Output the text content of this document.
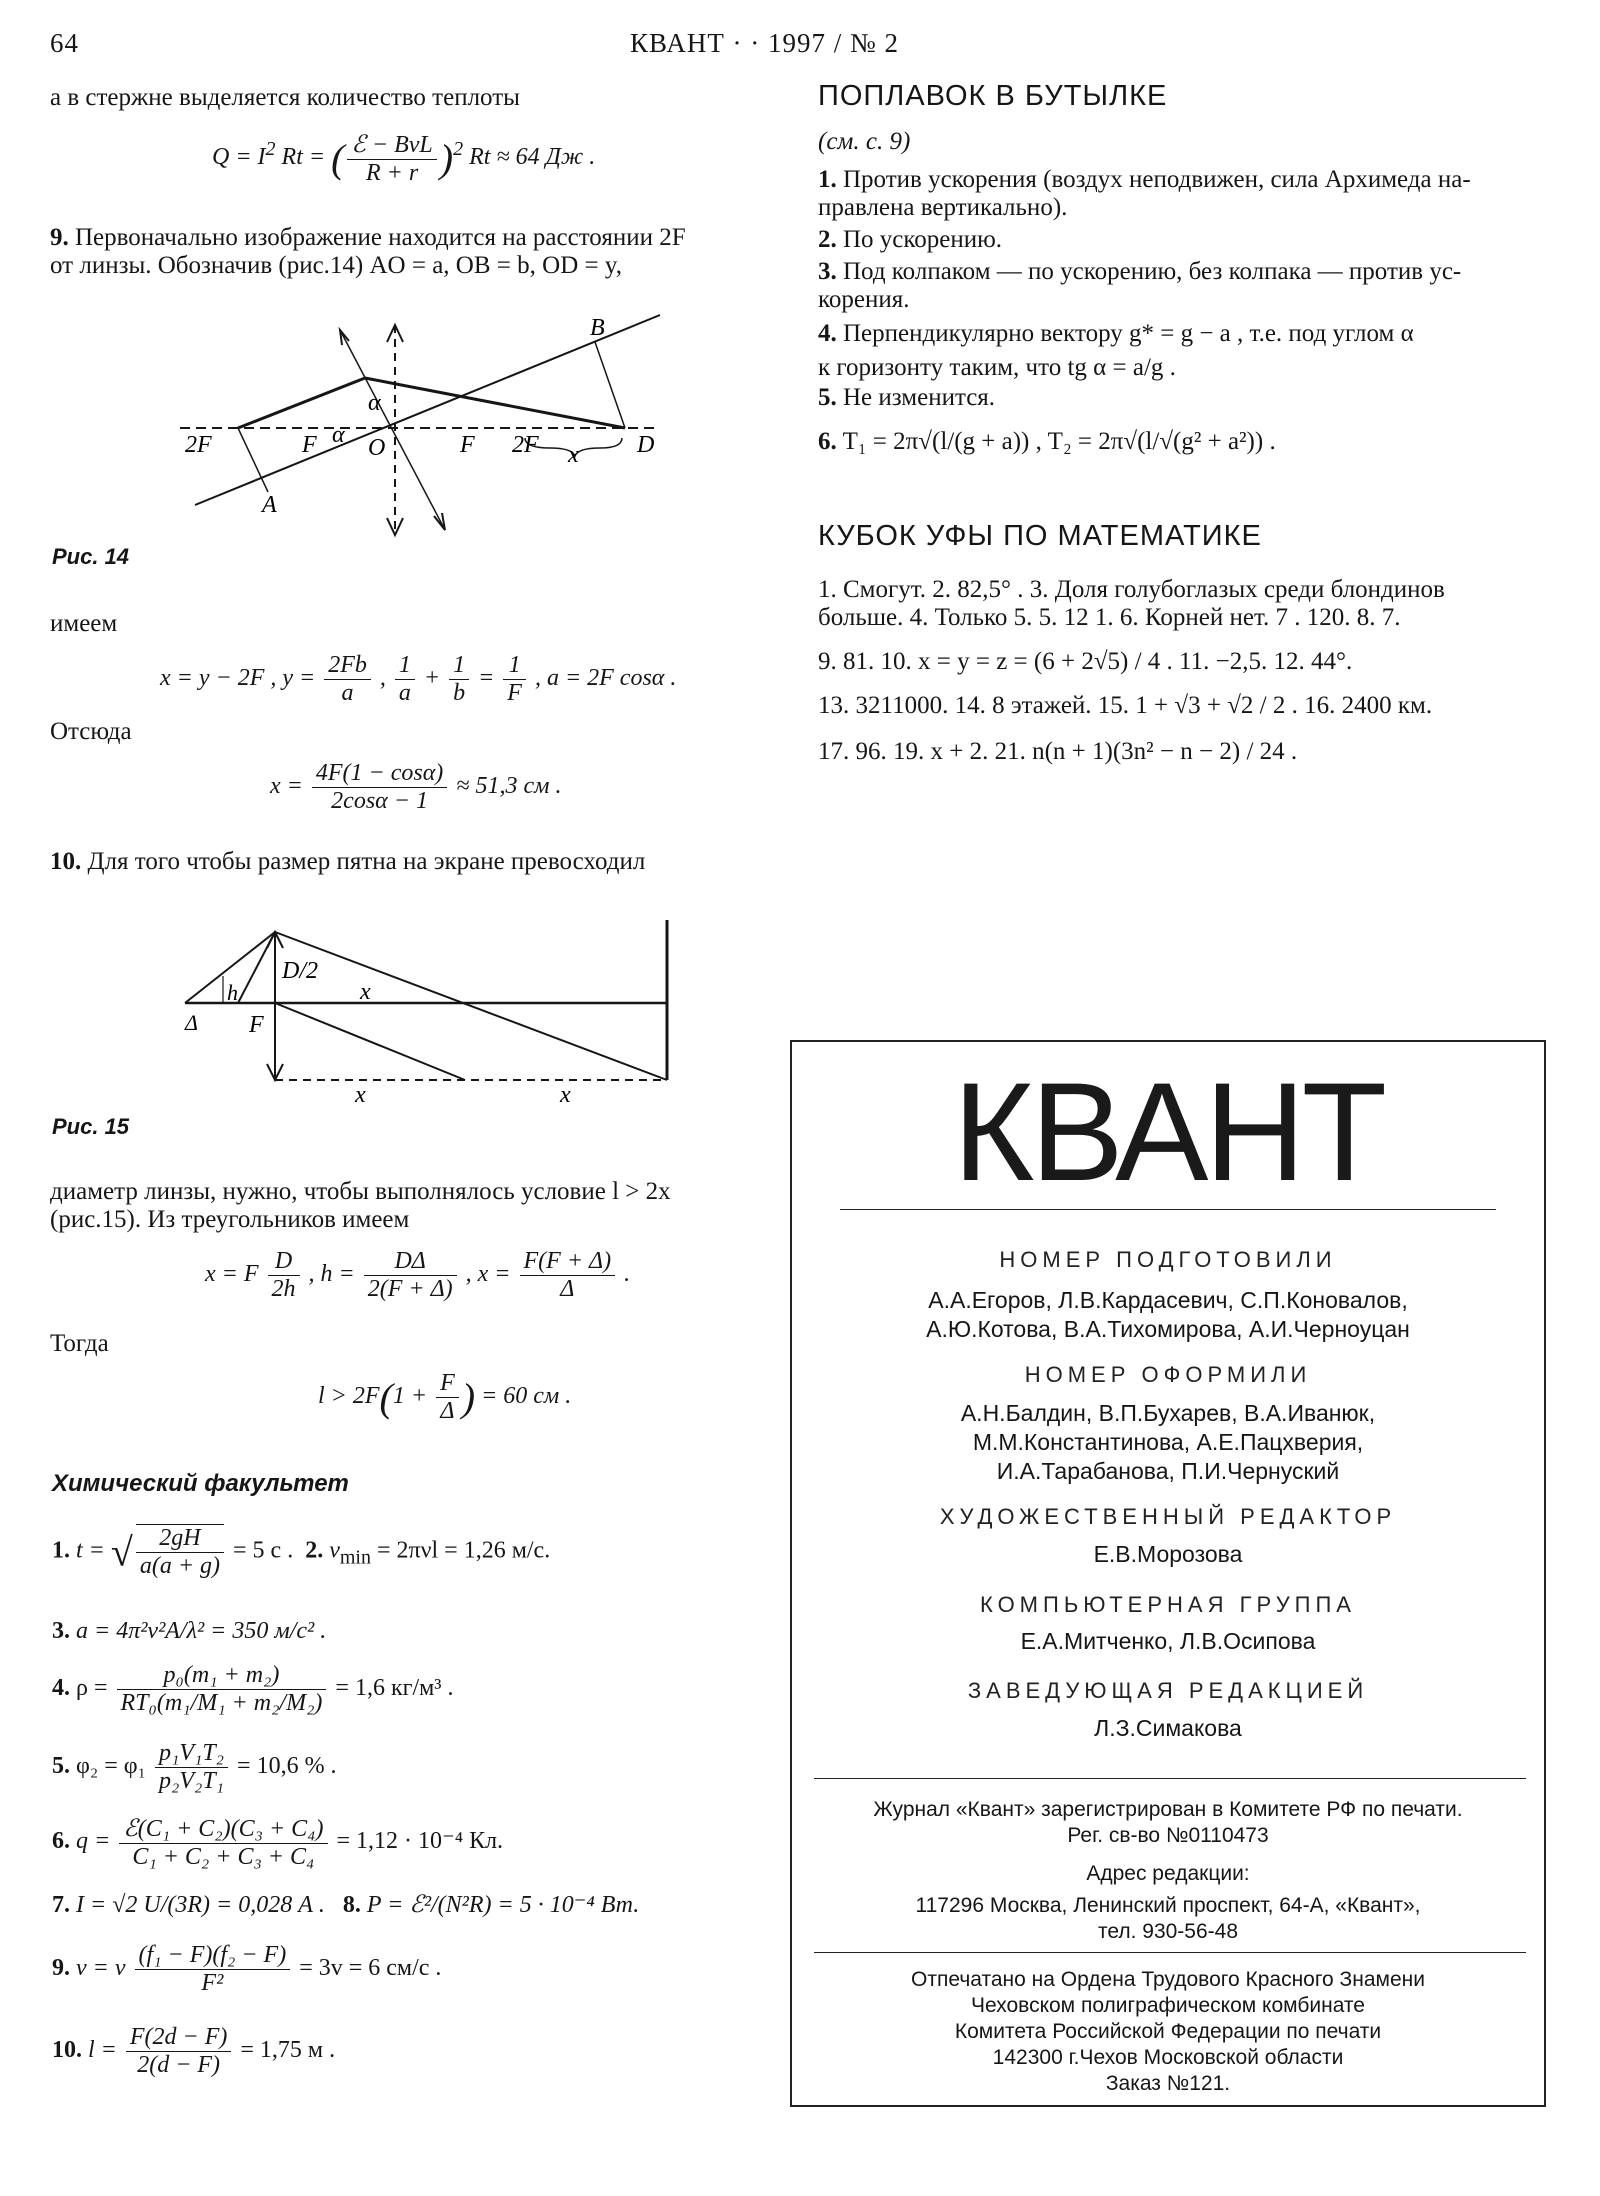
64	КВАНТ · · 1997 / № 2
а в стержне выделяется количество теплоты
$Q = I^2$ Rt = ( $\frac{\text{ℰ − BvL}}{R + r} )^2$ Rt ≈ 64 Дж .
9. Первоначально изображение находится на расстоянии 2F
от линзы. Обозначив (рис.14) AO = a, OB = b, OD = y,
B
A
α
α O
F	F
2F	2F x D
Рис. 14
имеем
x = y − 2F , $y = \frac{2Fb}{a}$ , $\frac{1}{a} + \frac{1}{b} = \frac{1}{F}$ , a = 2F cosα .
Отсюда
$x = \frac{4F(1 - \cos\alpha)}{2\cos\alpha - 1} \approx 51,3$ см .
10. Для того чтобы размер пятна на экране превосходил
D/2
x
h
Δ F
x	x
Рис. 15
диаметр линзы, нужно, чтобы выполнялось условие l > 2x
(рис.15). Из треугольников имеем
x = F $\frac{D}{2h}$ , $h = \frac{D\Delta}{2(F + \Delta)}$ , $x = \frac{F(F + \Delta)}{\Delta}$ .
Тогда
$l > 2F(1 + \frac{F}{\Delta}$ ) = 60 см .
Химический факультет
1. t = √ $\frac{2gH}{a(a + g)} = 5$ с . 2. $v_{min} = 2\pi\nu l = 1,26$ м/с.
3. a = 4π²ν²A/λ² = 350 м/с² .
4. $\rho = \frac{\text{p₀(m₁ + m₂)}}{\text{RT₀(m₁/M₁ + m₂/M₂)}} = 1,6$ кг/м³ .
5. $\varphi_2 = \varphi_1 \frac{\text{p₁V₁T₂}}{\text{p₂V₂T₁}} = 10,6$ % .
6. $q = \frac{\text{ℰ(C₁ + C₂)(C₃ + C₄)}}{\text{C₁ + C₂ + C₃ + C₄}} = 1,12 \cdot 10^{-4}$ Кл.
7. I = √2 U/(3R) = 0,028 А . 8. P = ℰ²/(N²R) = 5 · 10⁻⁴ Вт.
9. v = v $\frac{\text{(f₁ − F)(f₂ − F)}}{\text{F²}} = 3v = 6$ см/с .
10. $l = \frac{F(2d - F)}{2(d - F)} = 1,75$ м .
ПОПЛАВОК В БУТЫЛКЕ
(см. с. 9)
1. Против ускорения (воздух неподвижен, сила Архимеда на-
правлена вертикально).
2. По ускорению.
3. Под колпаком — по ускорению, без колпака — против ус-
корения.
4. Перпендикулярно вектору g* = g − a , т.е. под углом α
к горизонту таким, что tg α = a/g .
5. Не изменится.
6. T₁ = 2π√(l/(g + a)) , T₂ = 2π√(l/√(g² + a²)) .
КУБОК УФЫ ПО МАТЕМАТИКЕ
1. Смогут. 2. 82,5° . 3. Доля голубоглазых среди блондинов
больше. 4. Только 5. 5. 12 1. 6. Корней нет. 7 . 120. 8. 7.
9. 81. 10. x = y = z = (6 + 2√5) / 4 . 11. −2,5. 12. 44°.
13. 3211000. 14. 8 этажей. 15. 1 + √3 + √2 / 2 . 16. 2400 км.
17. 96. 19. x + 2. 21. n(n + 1)(3n² − n − 2) / 24 .
КВАНТ
НОМЕР ПОДГОТОВИЛИ
А.А.Егоров, Л.В.Кардасевич, С.П.Коновалов,
А.Ю.Котова, В.А.Тихомирова, А.И.Черноуцан
НОМЕР ОФОРМИЛИ
А.Н.Балдин, В.П.Бухарев, В.А.Иванюк,
М.М.Константинова, А.Е.Пацхверия,
И.А.Тарабанова, П.И.Чернуский
ХУДОЖЕСТВЕННЫЙ РЕДАКТОР
Е.В.Морозова
КОМПЬЮТЕРНАЯ ГРУППА
Е.А.Митченко, Л.В.Осипова
ЗАВЕДУЮЩАЯ РЕДАКЦИЕЙ
Л.З.Симакова
Журнал «Квант» зарегистрирован в Комитете РФ по печати.
Рег. св-во №0110473
Адрес редакции:
117296 Москва, Ленинский проспект, 64-А, «Квант»,
тел. 930-56-48
Отпечатано на Ордена Трудового Красного Знамени
Чеховском полиграфическом комбинате
Комитета Российской Федерации по печати
142300 г.Чехов Московской области
Заказ №121.
